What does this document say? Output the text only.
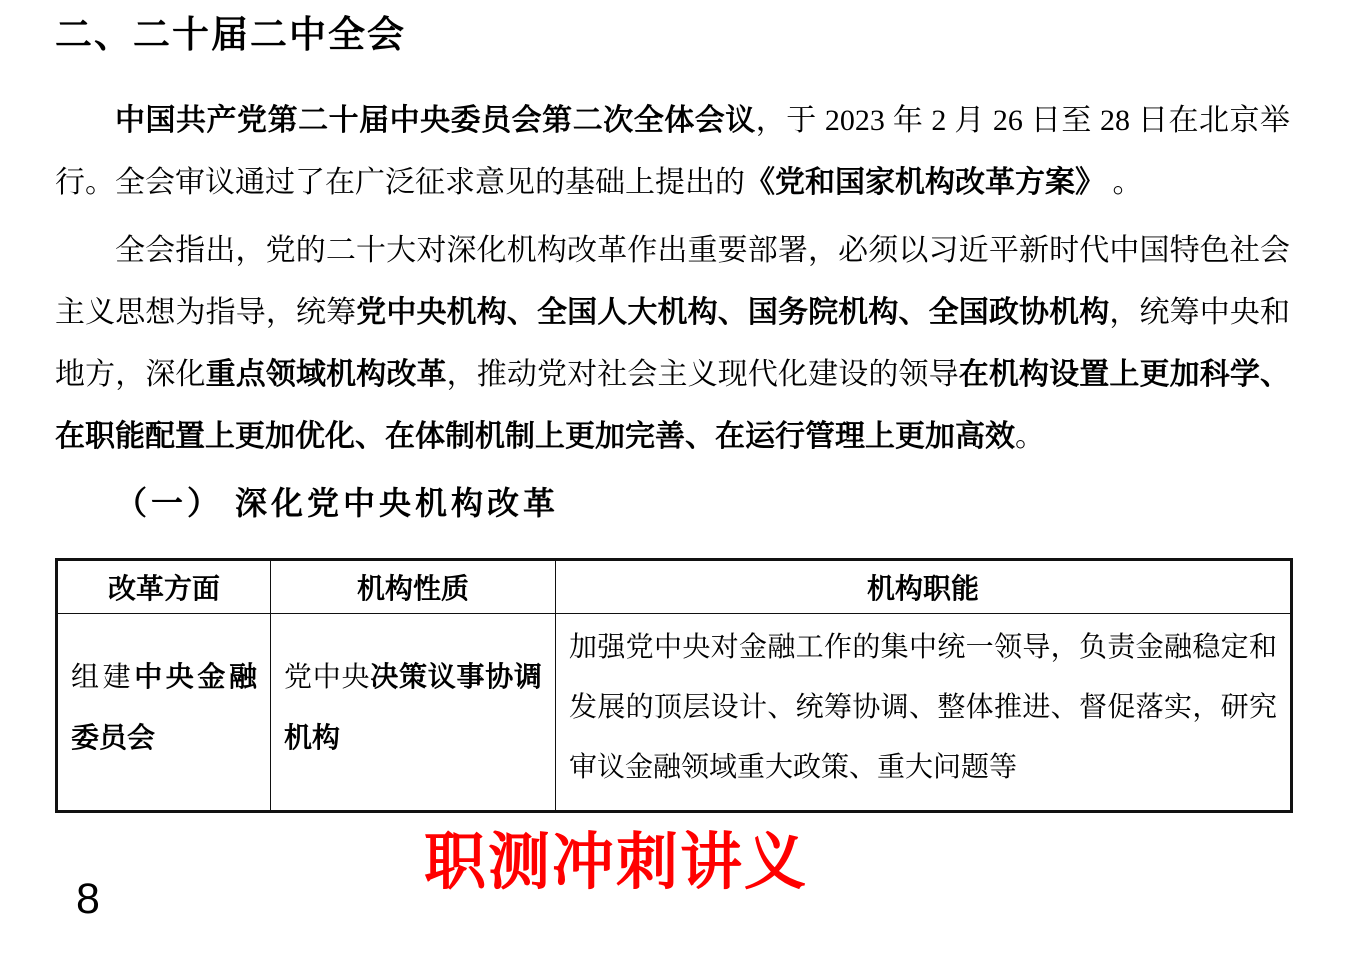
二、二十届二中全会

中国共产党第二十届中央委员会第二次全体会议，于 2023 年 2 月 26 日至 28 日在北京举行。全会审议通过了在广泛征求意见的基础上提出的《党和国家机构改革方案》 。

全会指出，党的二十大对深化机构改革作出重要部署，必须以习近平新时代中国特色社会主义思想为指导，统筹党中央机构、全国人大机构、国务院机构、全国政协机构，统筹中央和地方，深化重点领域机构改革，推动党对社会主义现代化建设的领导在机构设置上更加科学、在职能配置上更加优化、在体制机制上更加完善、在运行管理上更加高效。

（一） 深化党中央机构改革
改革方面	机构性质	机构职能
组建中央金融委员会	党中央决策议事协调机构	加强党中央对金融工作的集中统一领导，负责金融稳定和发展的顶层设计、统筹协调、整体推进、督促落实，研究审议金融领域重大政策、重大问题等
职测冲刺讲义
8
